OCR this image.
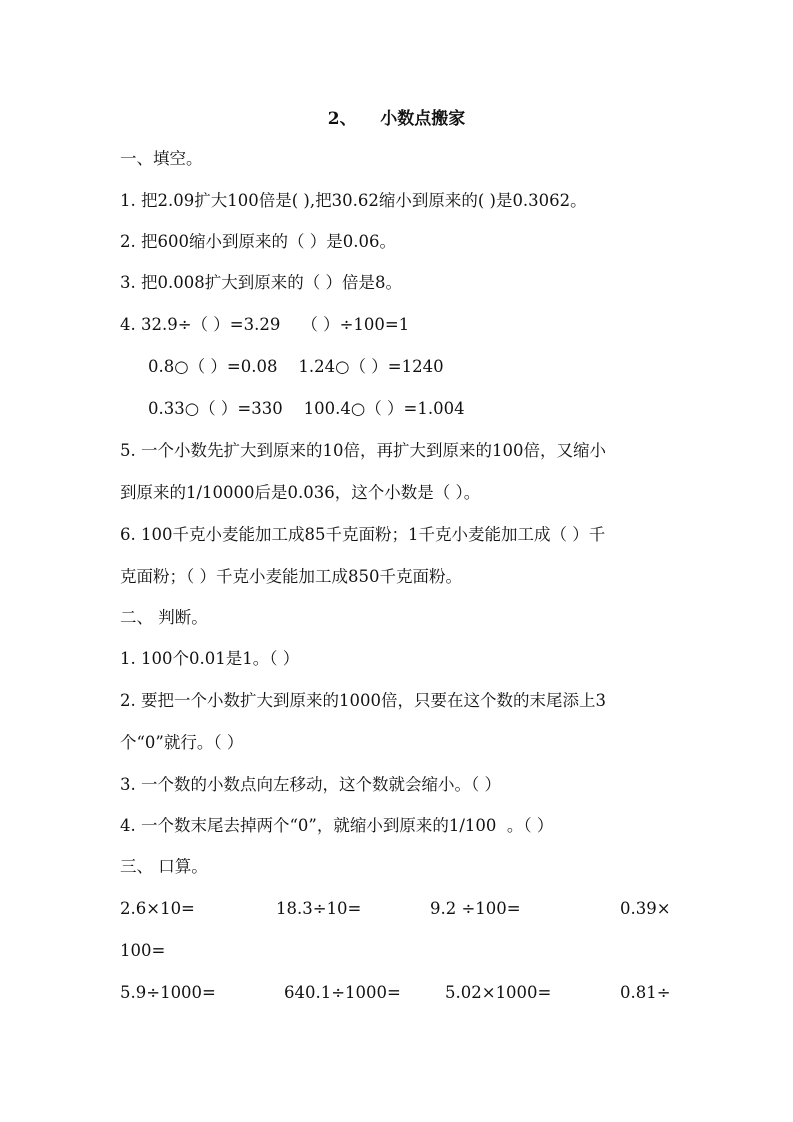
2、    小数点搬家
一、填空。
1. 把2.09扩大100倍是( ),把30.62缩小到原来的( )是0.3062。
2. 把600缩小到原来的（ ）是0.06。
3. 把0.008扩大到原来的（ ）倍是8。
4. 32.9÷（ ）=3.29    （ ）÷100=1
0.8○（ ）=0.08    1.24○（ ）=1240
0.33○（ ）=330    100.4○（ ）=1.004
5. 一个小数先扩大到原来的10倍，再扩大到原来的100倍，又缩小
到原来的1/10000后是0.036，这个小数是（ ）。
6. 100千克小麦能加工成85千克面粉；1千克小麦能加工成（ ）千
克面粉；（ ）千克小麦能加工成850千克面粉。
二、 判断。
1. 100个0.01是1。（ ）
2. 要把一个小数扩大到原来的1000倍，只要在这个数的末尾添上3
个“0”就行。（ ）
3. 一个数的小数点向左移动，这个数就会缩小。（ ）
4. 一个数末尾去掉两个“0”，就缩小到原来的1/100  。（ ）
三、 口算。
2.6×10=	18.3÷10=	9.2 ÷100=	0.39×
100=
5.9÷1000=	640.1÷1000=	5.02×1000=	0.81÷
